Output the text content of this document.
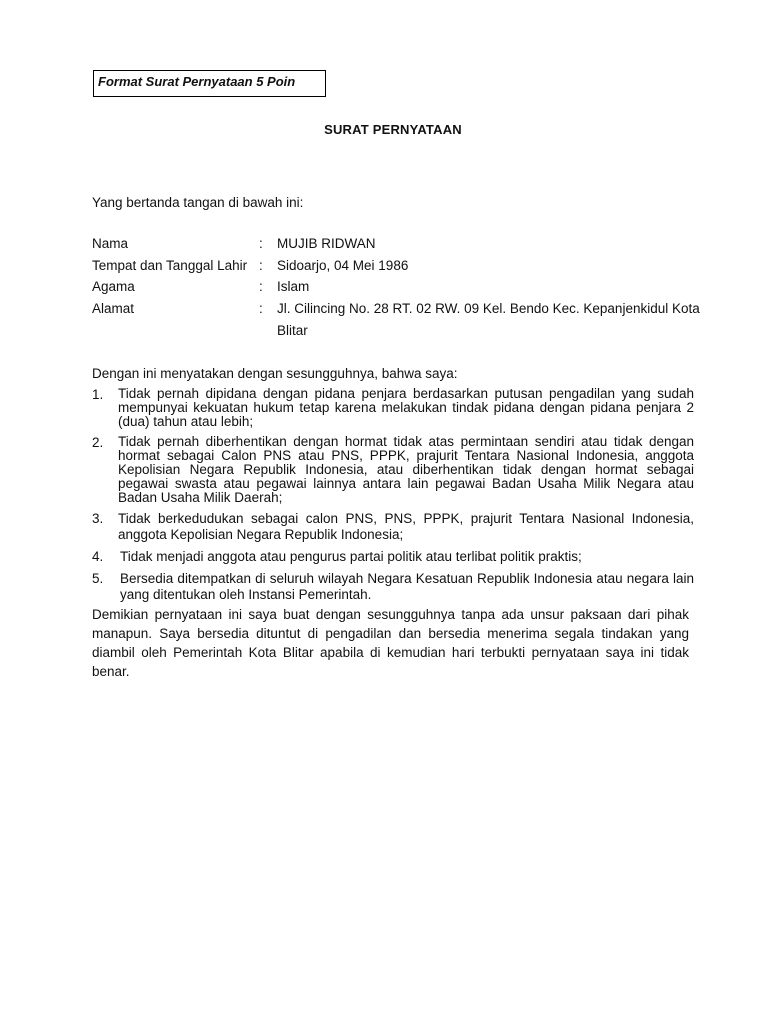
Format Surat Pernyataan 5 Poin
SURAT PERNYATAAN
Yang bertanda tangan di bawah ini:
Nama	:	MUJIB RIDWAN
Tempat dan Tanggal Lahir :	Sidoarjo, 04 Mei 1986
Agama	:	Islam
Alamat	:	Jl. Cilincing No. 28 RT. 02 RW. 09 Kel. Bendo Kec. Kepanjenkidul Kota Blitar
Dengan ini menyatakan dengan sesungguhnya, bahwa saya:
1.	Tidak pernah dipidana dengan pidana penjara berdasarkan putusan pengadilan yang sudah mempunyai kekuatan hukum tetap karena melakukan tindak pidana dengan pidana penjara 2 (dua) tahun atau lebih;
2.	Tidak pernah diberhentikan dengan hormat tidak atas permintaan sendiri atau tidak dengan hormat sebagai Calon PNS atau PNS, PPPK, prajurit Tentara Nasional Indonesia, anggota Kepolisian Negara Republik Indonesia, atau diberhentikan tidak dengan hormat sebagai pegawai swasta atau pegawai lainnya antara lain pegawai Badan Usaha Milik Negara atau Badan Usaha Milik Daerah;
3.	Tidak berkedudukan sebagai calon PNS, PNS, PPPK, prajurit Tentara Nasional Indonesia, anggota Kepolisian Negara Republik Indonesia;
4.	Tidak menjadi anggota atau pengurus partai politik atau terlibat politik praktis;
5.	Bersedia ditempatkan di seluruh wilayah Negara Kesatuan Republik Indonesia atau negara lain yang ditentukan oleh Instansi Pemerintah.
Demikian pernyataan ini saya buat dengan sesungguhnya tanpa ada unsur paksaan dari pihak manapun. Saya bersedia dituntut di pengadilan dan bersedia menerima segala tindakan yang diambil oleh Pemerintah Kota Blitar apabila di kemudian hari terbukti pernyataan saya ini tidak benar.
